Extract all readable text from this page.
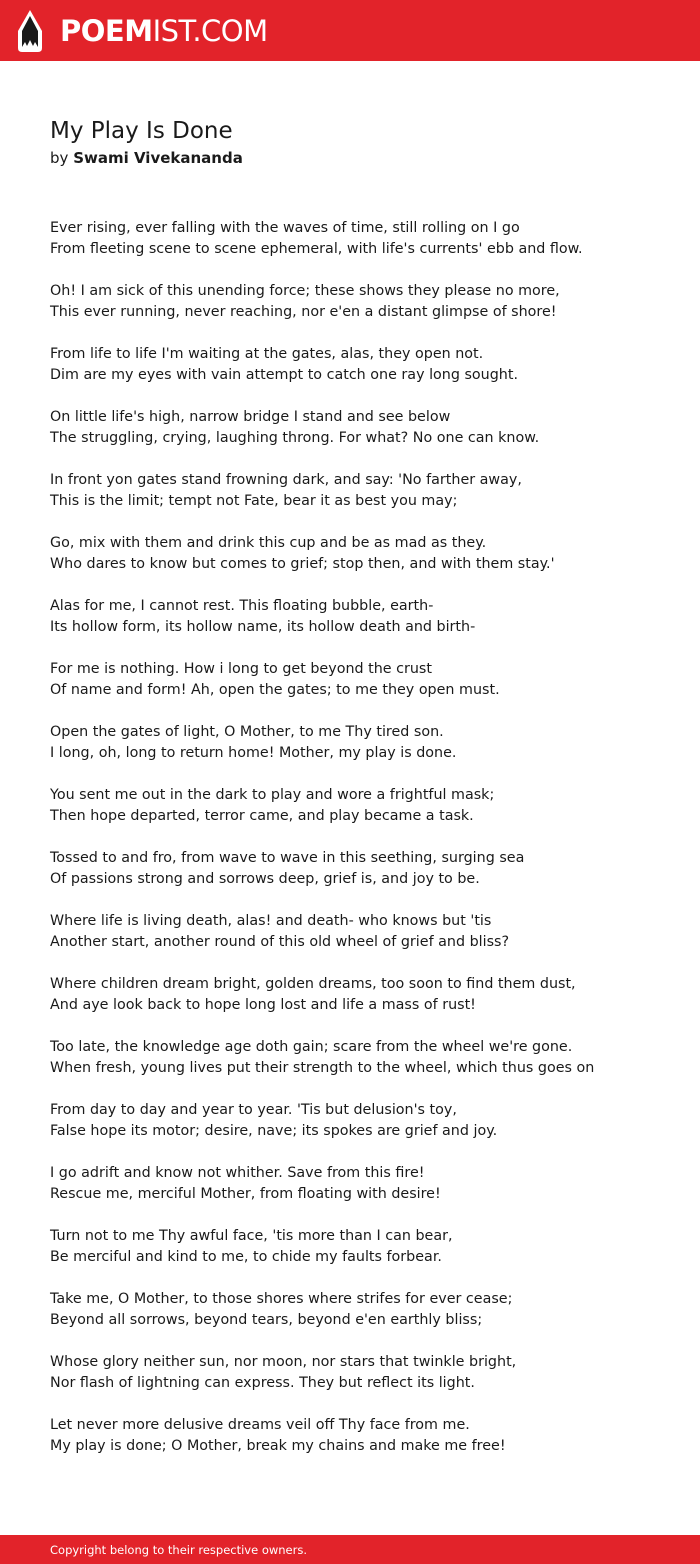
POEMIST.COM
My Play Is Done
by Swami Vivekananda
Ever rising, ever falling with the waves of time, still rolling on I go
From fleeting scene to scene ephemeral, with life's currents' ebb and flow.
Oh! I am sick of this unending force; these shows they please no more,
This ever running, never reaching, nor e'en a distant glimpse of shore!
From life to life I'm waiting at the gates, alas, they open not.
Dim are my eyes with vain attempt to catch one ray long sought.
On little life's high, narrow bridge I stand and see below
The struggling, crying, laughing throng. For what? No one can know.
In front yon gates stand frowning dark, and say: 'No farther away,
This is the limit; tempt not Fate, bear it as best you may;
Go, mix with them and drink this cup and be as mad as they.
Who dares to know but comes to grief; stop then, and with them stay.'
Alas for me, I cannot rest. This floating bubble, earth-
Its hollow form, its hollow name, its hollow death and birth-
For me is nothing. How i long to get beyond the crust
Of name and form! Ah, open the gates; to me they open must.
Open the gates of light, O Mother, to me Thy tired son.
I long, oh, long to return home! Mother, my play is done.
You sent me out in the dark to play and wore a frightful mask;
Then hope departed, terror came, and play became a task.
Tossed to and fro, from wave to wave in this seething, surging sea
Of passions strong and sorrows deep, grief is, and joy to be.
Where life is living death, alas! and death- who knows but 'tis
Another start, another round of this old wheel of grief and bliss?
Where children dream bright, golden dreams, too soon to find them dust,
And aye look back to hope long lost and life a mass of rust!
Too late, the knowledge age doth gain; scare from the wheel we're gone.
When fresh, young lives put their strength to the wheel, which thus goes on
From day to day and year to year. 'Tis but delusion's toy,
False hope its motor; desire, nave; its spokes are grief and joy.
I go adrift and know not whither. Save from this fire!
Rescue me, merciful Mother, from floating with desire!
Turn not to me Thy awful face, 'tis more than I can bear,
Be merciful and kind to me, to chide my faults forbear.
Take me, O Mother, to those shores where strifes for ever cease;
Beyond all sorrows, beyond tears, beyond e'en earthly bliss;
Whose glory neither sun, nor moon, nor stars that twinkle bright,
Nor flash of lightning can express. They but reflect its light.
Let never more delusive dreams veil off Thy face from me.
My play is done; O Mother, break my chains and make me free!
Copyright belong to their respective owners.
